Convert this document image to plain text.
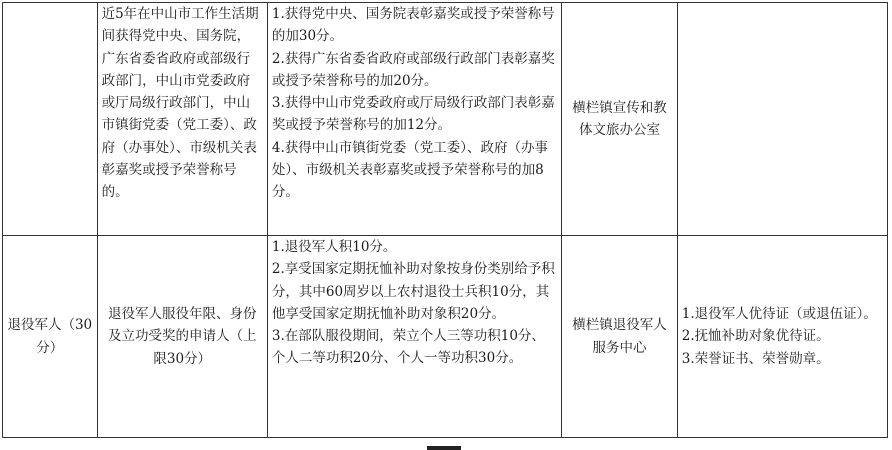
	近5年在中山市工作生活期间获得党中央、国务院，广东省委省政府或部级行政部门，中山市党委政府或厅局级行政部门，中山市镇街党委（党工委）、政府（办事处）、市级机关表彰嘉奖或授予荣誉称号的。	1.获得党中央、国务院表彰嘉奖或授予荣誉称号的加30分。
2.获得广东省委省政府或部级行政部门表彰嘉奖或授予荣誉称号的加20分。
3.获得中山市党委政府或厅局级行政部门表彰嘉奖或授予荣誉称号的加12分。
4.获得中山市镇街党委（党工委）、政府（办事处）、市级机关表彰嘉奖或授予荣誉称号的加8分。	横栏镇宣传和教体文旅办公室	
退役军人（30分）	退役军人服役年限、身份及立功受奖的申请人（上限30分）	1.退役军人积10分。
2.享受国家定期抚恤补助对象按身份类别给予积分，其中60周岁以上农村退役士兵积10分，其他享受国家定期抚恤补助对象积20分。
3.在部队服役期间，荣立个人三等功积10分、个人二等功积20分、个人一等功积30分。	横栏镇退役军人服务中心	1.退役军人优待证（或退伍证）。
2.抚恤补助对象优待证。
3.荣誉证书、荣誉勋章。
